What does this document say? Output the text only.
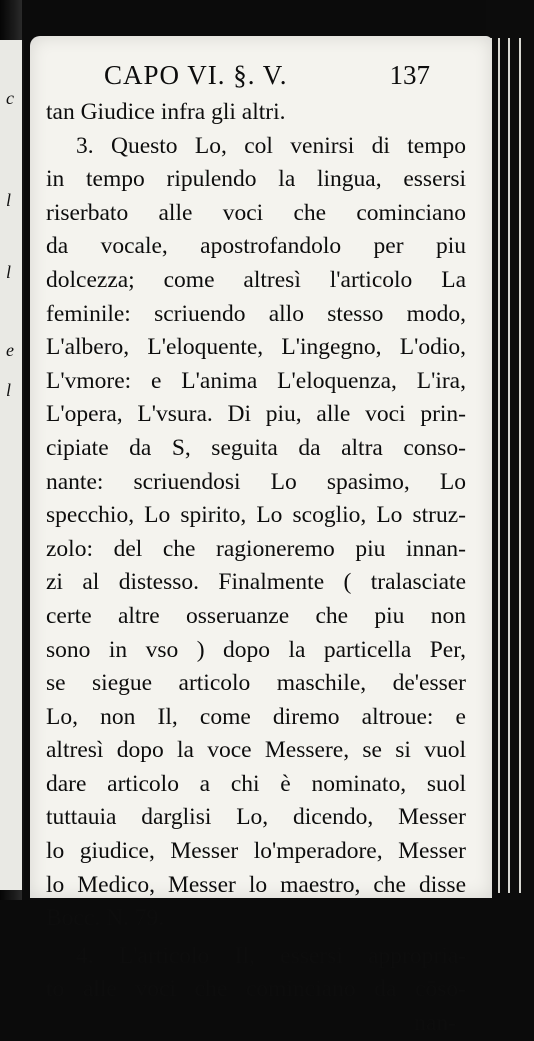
c
l
l
e
l
CAPO VI. §. V.	137
tan Giudice infra gli altri.
3. Questo Lo, col venirsi di tempo
in tempo ripulendo la lingua, essersi
riserbato alle voci che cominciano
da vocale, apostrofandolo per piu
dolcezza; come altresì l'articolo La
feminile: scriuendo allo stesso modo,
L'albero, L'eloquente, L'ingegno, L'odio,
L'vmore: e L'anima L'eloquenza, L'ira,
L'opera, L'vsura. Di piu, alle voci prin-
cipiate da S, seguita da altra conso-
nante: scriuendosi Lo spasimo, Lo
specchio, Lo spirito, Lo scoglio, Lo struz-
zolo: del che ragioneremo piu innan-
zi al distesso. Finalmente ( tralasciate
certe altre osseruanze che piu non
sono in vso ) dopo la particella Per,
se siegue articolo maschile, de'esser
Lo, non Il, come diremo altroue: e
altresì dopo la voce Messere, se si vuol
dare articolo a chi è nominato, suol
tuttauia darglisi Lo, dicendo, Messer
lo giudice, Messer lo'mperadore, Messer
lo Medico, Messer lo maestro, che disse
Bocc. N. 79.
4. L'articolo Il, essersi appropria-
to alle voci che cominciano da cōso-
nan-
